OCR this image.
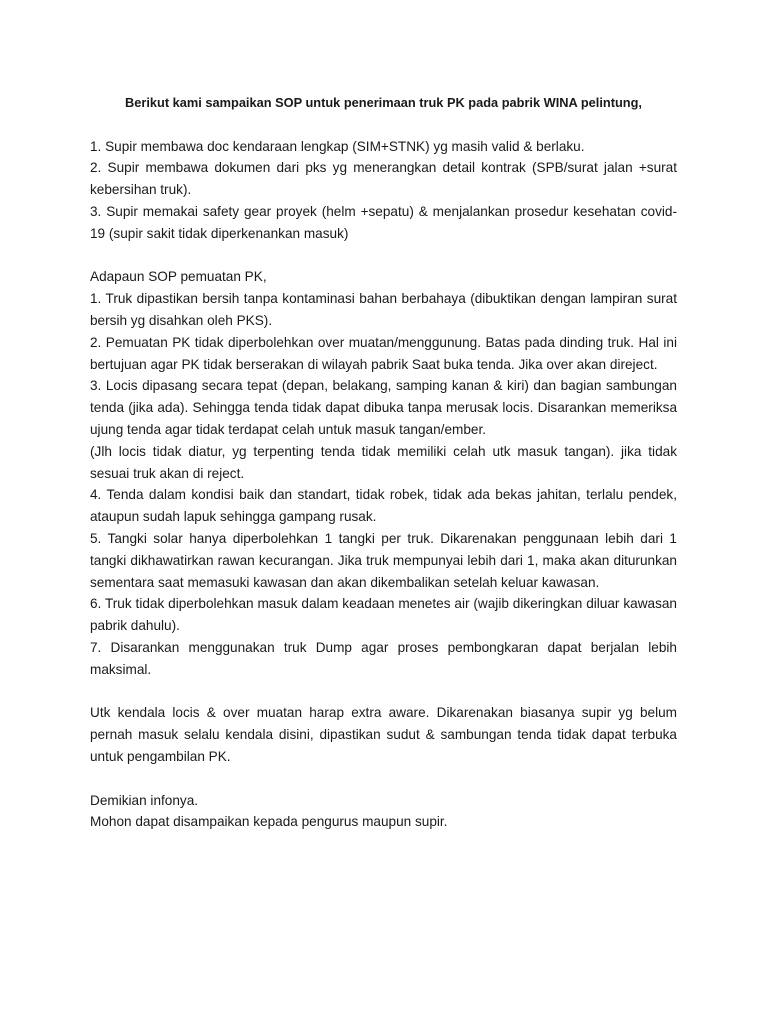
Berikut kami sampaikan SOP untuk penerimaan truk PK pada pabrik WINA pelintung,

1. Supir membawa doc kendaraan lengkap (SIM+STNK) yg masih valid & berlaku.

2. Supir membawa dokumen dari pks yg menerangkan detail kontrak (SPB/surat jalan +surat kebersihan truk).

3. Supir memakai safety gear proyek (helm +sepatu) & menjalankan prosedur kesehatan covid-19 (supir sakit tidak diperkenankan masuk)

Adapaun SOP pemuatan PK,

1. Truk dipastikan bersih tanpa kontaminasi bahan berbahaya (dibuktikan dengan lampiran surat bersih yg disahkan oleh PKS).

2. Pemuatan PK tidak diperbolehkan over muatan/menggunung. Batas pada dinding truk. Hal ini bertujuan agar PK tidak berserakan di wilayah pabrik Saat buka tenda. Jika over akan direject.

3. Locis dipasang secara tepat (depan, belakang, samping kanan & kiri) dan bagian sambungan tenda (jika ada). Sehingga tenda tidak dapat dibuka tanpa merusak locis. Disarankan memeriksa ujung tenda agar tidak terdapat celah untuk masuk tangan/ember.

(Jlh locis tidak diatur, yg terpenting tenda tidak memiliki celah utk masuk tangan). jika tidak sesuai truk akan di reject.

4. Tenda dalam kondisi baik dan standart, tidak robek, tidak ada bekas jahitan, terlalu pendek, ataupun sudah lapuk sehingga gampang rusak.

5. Tangki solar hanya diperbolehkan 1 tangki per truk. Dikarenakan penggunaan lebih dari 1 tangki dikhawatirkan rawan kecurangan. Jika truk mempunyai lebih dari 1, maka akan diturunkan sementara saat memasuki kawasan dan akan dikembalikan setelah keluar kawasan.

6. Truk tidak diperbolehkan masuk dalam keadaan menetes air (wajib dikeringkan diluar kawasan pabrik dahulu).

7. Disarankan menggunakan truk Dump agar proses pembongkaran dapat berjalan lebih maksimal.

Utk kendala locis & over muatan harap extra aware. Dikarenakan biasanya supir yg belum pernah masuk selalu kendala disini, dipastikan sudut & sambungan tenda tidak dapat terbuka untuk pengambilan PK.

Demikian infonya.

Mohon dapat disampaikan kepada pengurus maupun supir.
